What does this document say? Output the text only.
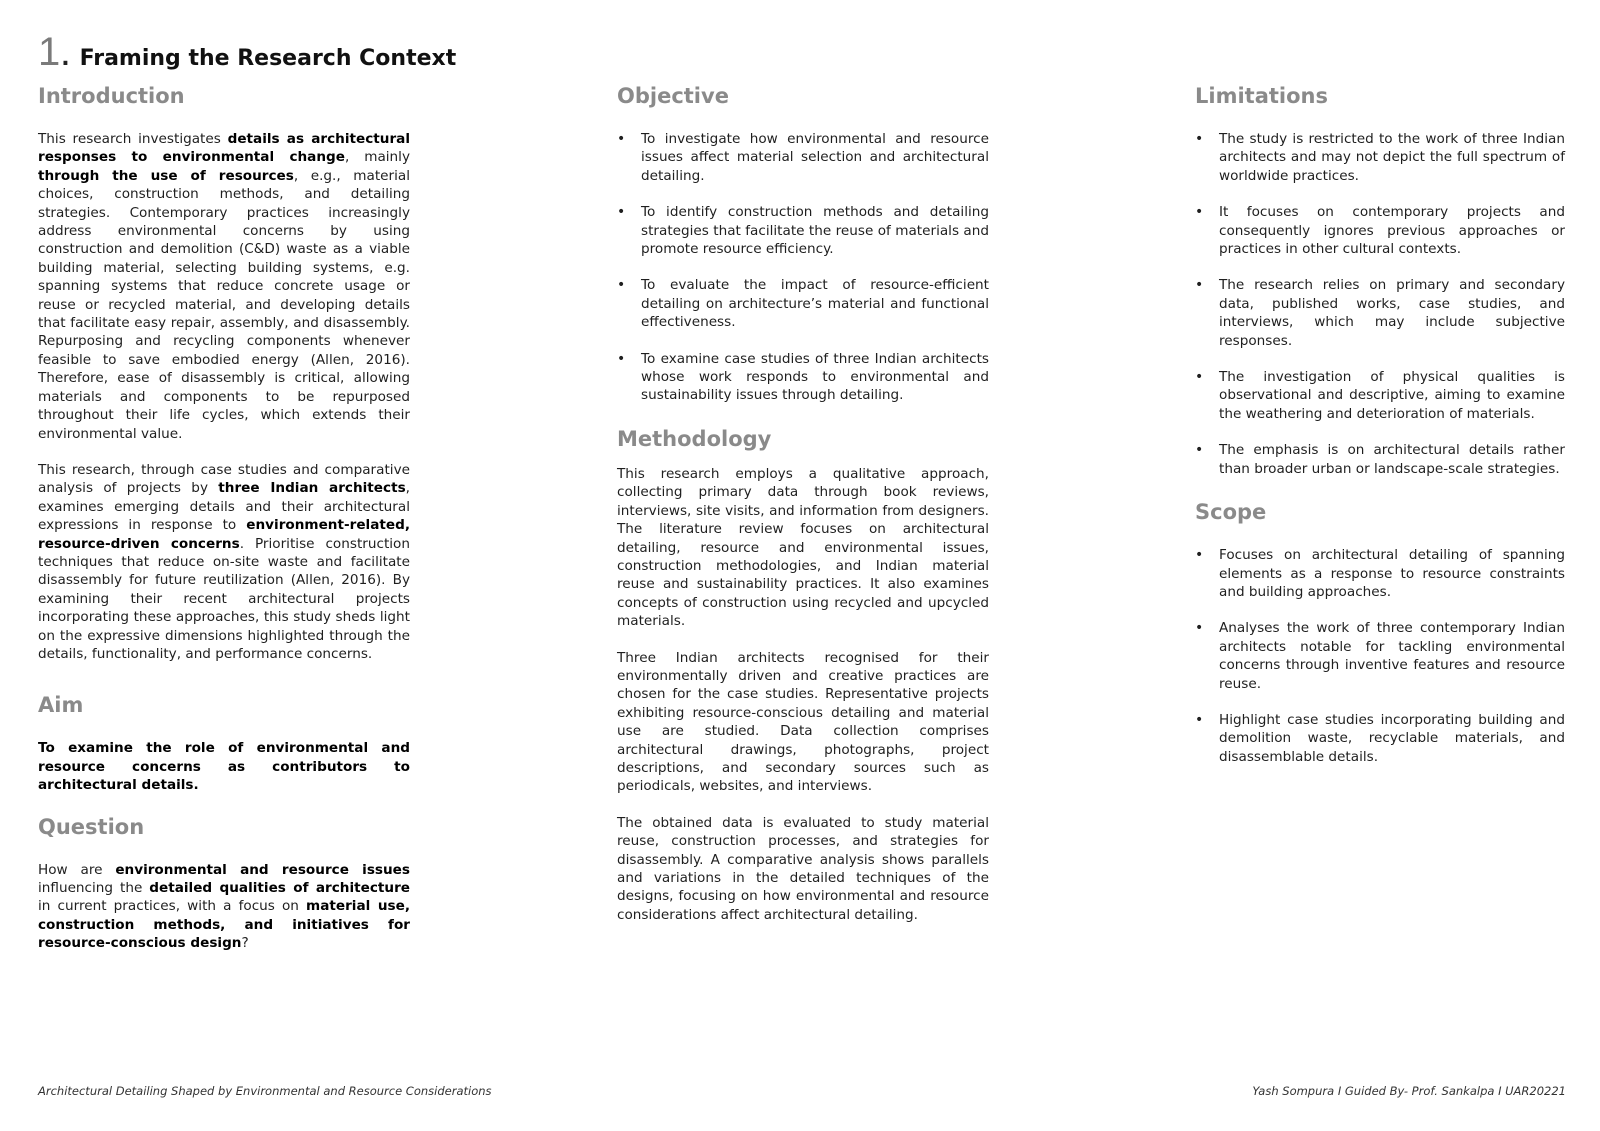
1 . Framing the Research Context
Introduction

This research investigates details as architectural responses to environmental change, mainly through the use of resources, e.g., material choices, construction methods, and detailing strategies. Contemporary practices increasingly address environmental concerns by using construction and demolition (C&D) waste as a viable building material, selecting building systems, e.g. spanning systems that reduce concrete usage or reuse or recycled material, and developing details that facilitate easy repair, assembly, and disassembly. Repurposing and recycling components whenever feasible to save embodied energy (Allen, 2016). Therefore, ease of disassembly is critical, allowing materials and components to be repurposed throughout their life cycles, which extends their environmental value.

This research, through case studies and comparative analysis of projects by three Indian architects, examines emerging details and their architectural expressions in response to environment-related, resource-driven concerns. Prioritise construction techniques that reduce on-site waste and facilitate disassembly for future reutilization (Allen, 2016). By examining their recent architectural projects incorporating these approaches, this study sheds light on the expressive dimensions highlighted through the details, functionality, and performance concerns.

Aim

To examine the role of environmental and resource concerns as contributors to architectural details.

Question

How are environmental and resource issues influencing the detailed qualities of architecture in current practices, with a focus on material use, construction methods, and initiatives for resource-conscious design?

Objective
• To investigate how environmental and resource issues affect material selection and architectural detailing.
• To identify construction methods and detailing strategies that facilitate the reuse of materials and promote resource efficiency.
• To evaluate the impact of resource-efficient detailing on architecture’s material and functional effectiveness.
• To examine case studies of three Indian architects whose work responds to environmental and sustainability issues through detailing.
Methodology

This research employs a qualitative approach, collecting primary data through book reviews, interviews, site visits, and information from designers. The literature review focuses on architectural detailing, resource and environmental issues, construction methodologies, and Indian material reuse and sustainability practices. It also examines concepts of construction using recycled and upcycled materials.

Three Indian architects recognised for their environmentally driven and creative practices are chosen for the case studies. Representative projects exhibiting resource-conscious detailing and material use are studied. Data collection comprises architectural drawings, photographs, project descriptions, and secondary sources such as periodicals, websites, and interviews.

The obtained data is evaluated to study material reuse, construction processes, and strategies for disassembly. A comparative analysis shows parallels and variations in the detailed techniques of the designs, focusing on how environmental and resource considerations affect architectural detailing.

Limitations
• The study is restricted to the work of three Indian architects and may not depict the full spectrum of worldwide practices.
• It focuses on contemporary projects and consequently ignores previous approaches or practices in other cultural contexts.
• The research relies on primary and secondary data, published works, case studies, and interviews, which may include subjective responses.
• The investigation of physical qualities is observational and descriptive, aiming to examine the weathering and deterioration of materials.
• The emphasis is on architectural details rather than broader urban or landscape-scale strategies.
Scope
• Focuses on architectural detailing of spanning elements as a response to resource constraints and building approaches.
• Analyses the work of three contemporary Indian architects notable for tackling environmental concerns through inventive features and resource reuse.
• Highlight case studies incorporating building and demolition waste, recyclable materials, and disassemblable details.
Architectural Detailing Shaped by Environmental and Resource Considerations	Yash Sompura I Guided By- Prof. Sankalpa I UAR20221
